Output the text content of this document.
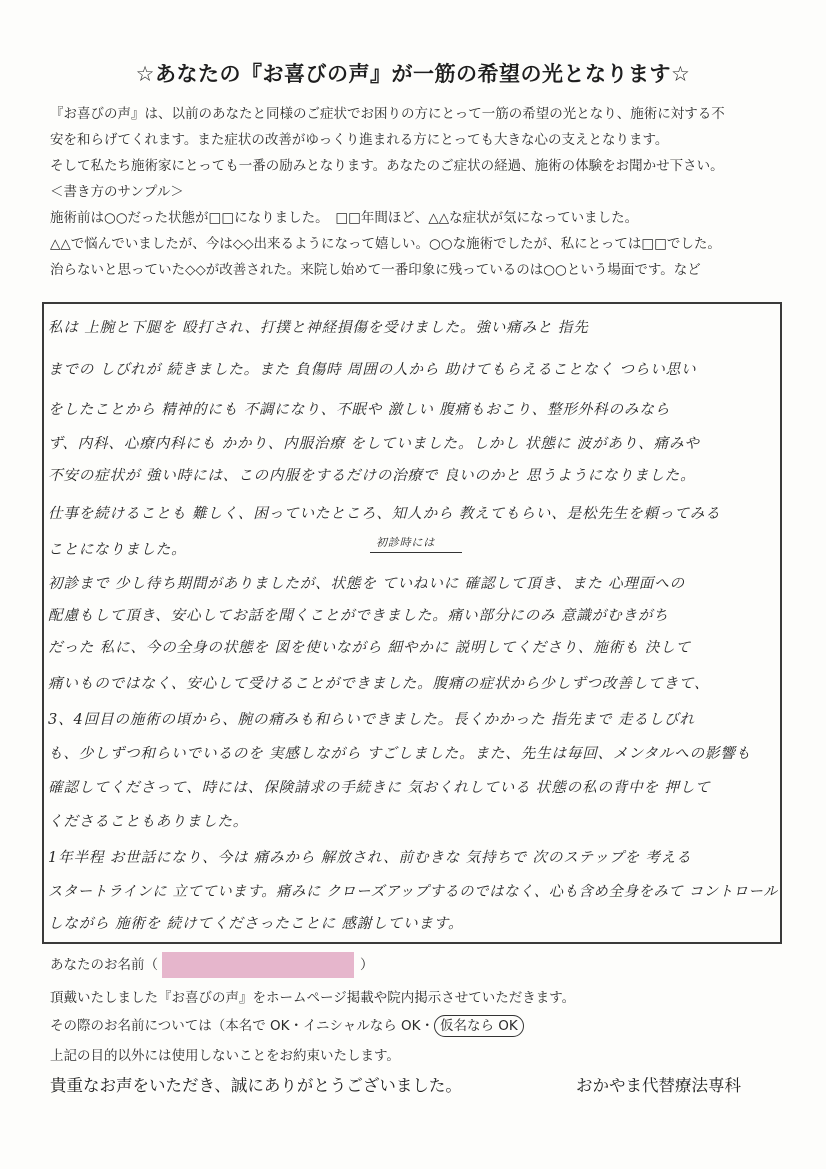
☆あなたの『お喜びの声』が一筋の希望の光となります☆
『お喜びの声』は、以前のあなたと同様のご症状でお困りの方にとって一筋の希望の光となり、施術に対する不
安を和らげてくれます。また症状の改善がゆっくり進まれる方にとっても大きな心の支えとなります。
そして私たち施術家にとっても一番の励みとなります。あなたのご症状の経過、施術の体験をお聞かせ下さい。
＜書き方のサンプル＞
施術前は○○だった状態が□□になりました。　□□年間ほど、△△な症状が気になっていました。
△△で悩んでいましたが、今は◇◇出来るようになって嬉しい。○○な施術でしたが、私にとっては□□でした。
治らないと思っていた◇◇が改善された。来院し始めて一番印象に残っているのは○○という場面です。など
私は 上腕と下腿を 殴打され、打撲と神経損傷を受けました。強い痛みと 指先
までの しびれが 続きました。また 負傷時 周囲の人から 助けてもらえることなく つらい思い
をしたことから 精神的にも 不調になり、不眠や 激しい 腹痛もおこり、整形外科のみなら
ず、内科、心療内科にも かかり、内服治療 をしていました。しかし 状態に 波があり、痛みや
不安の症状が 強い時には、この内服をするだけの治療で 良いのかと 思うようになりました。
仕事を続けることも 難しく、困っていたところ、知人から 教えてもらい、是松先生を頼ってみる
ことになりました。	初診時には
初診まで 少し待ち期間がありましたが、状態を ていねいに 確認して頂き、また 心理面への
配慮もして頂き、安心してお話を聞くことができました。痛い部分にのみ 意識がむきがち
だった 私に、今の全身の状態を 図を使いながら 細やかに 説明してくださり、施術も 決して
痛いものではなく、安心して受けることができました。腹痛の症状から少しずつ改善してきて、
3、4回目の施術の頃から、腕の痛みも和らいできました。長くかかった 指先まで 走るしびれ
も、少しずつ和らいでいるのを 実感しながら すごしました。また、先生は毎回、メンタルへの影響も
確認してくださって、時には、保険請求の手続きに 気おくれしている 状態の私の背中を 押して
くださることもありました。
1年半程 お世話になり、今は 痛みから 解放され、前むきな 気持ちで 次のステップを 考える
スタートラインに 立てています。痛みに クローズアップするのではなく、心も含め全身をみて コントロール
しながら 施術を 続けてくださったことに 感謝しています。
あなたのお名前（	）
頂戴いたしました『お喜びの声』をホームページ掲載や院内掲示させていただきます。
その際のお名前については（本名で OK・イニシャルなら OK・ 仮名なら OK
上記の目的以外には使用しないことをお約束いたします。
貴重なお声をいただき、誠にありがとうございました。	おかやま代替療法専科
